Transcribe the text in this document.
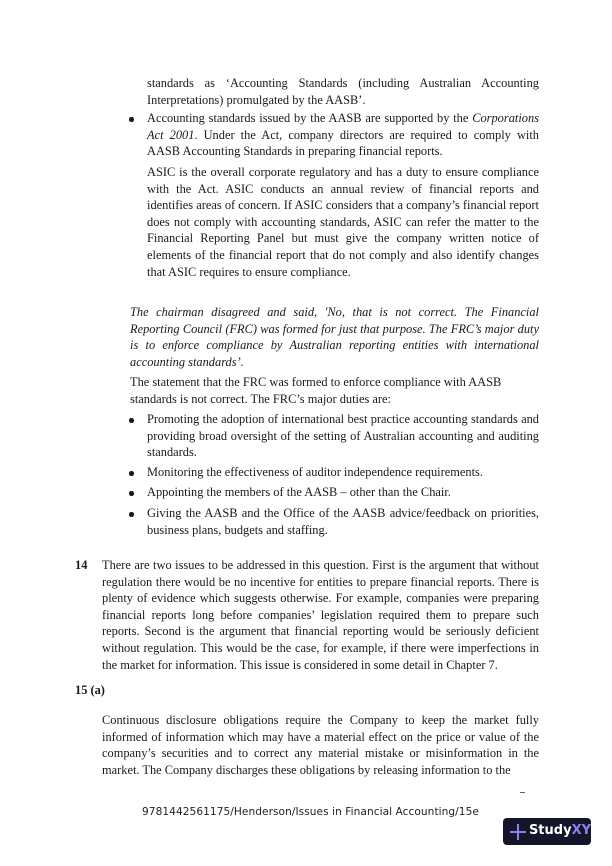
standards as ‘Accounting Standards (including Australian Accounting Interpretations) promulgated by the AASB’.

Accounting standards issued by the AASB are supported by the Corporations Act 2001. Under the Act, company directors are required to comply with AASB Accounting Standards in preparing financial reports.

ASIC is the overall corporate regulatory and has a duty to ensure compliance with the Act. ASIC conducts an annual review of financial reports and identifies areas of concern. If ASIC considers that a company’s financial report does not comply with accounting standards, ASIC can refer the matter to the Financial Reporting Panel but must give the company written notice of elements of the financial report that do not comply and also identify changes that ASIC requires to ensure compliance.

The chairman disagreed and said, 'No, that is not correct. The Financial Reporting Council (FRC) was formed for just that purpose. The FRC’s major duty is to enforce compliance by Australian reporting entities with international accounting standards’.

The statement that the FRC was formed to enforce compliance with AASB

standards is not correct. The FRC’s major duties are:

Promoting the adoption of international best practice accounting standards and providing broad oversight of the setting of Australian accounting and auditing standards.

Monitoring the effectiveness of auditor independence requirements.

Appointing the members of the AASB – other than the Chair.

Giving the AASB and the Office of the AASB advice/feedback on priorities, business plans, budgets and staffing.

14 There are two issues to be addressed in this question. First is the argument that without regulation there would be no incentive for entities to prepare financial reports. There is plenty of evidence which suggests otherwise. For example, companies were preparing financial reports long before companies’ legislation required them to prepare such reports. Second is the argument that financial reporting would be seriously deficient without regulation. This would be the case, for example, if there were imperfections in the market for information. This issue is considered in some detail in Chapter 7.

15 (a)

Continuous disclosure obligations require the Company to keep the market fully informed of information which may have a material effect on the price or value of the company’s securities and to correct any material mistake or misinformation in the market. The Company discharges these obligations by releasing information to the

9781442561175/Henderson/Issues in Financial Accounting/15e
Study XY
